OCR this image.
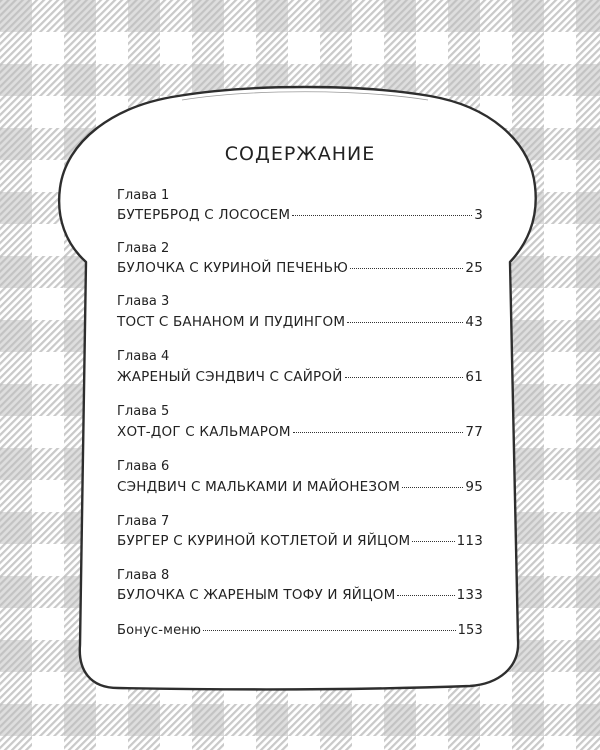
СОДЕРЖАНИЕ
Глава 1
БУТЕРБРОД С ЛОСОСЕМ	3
Глава 2
БУЛОЧКА С КУРИНОЙ ПЕЧЕНЬЮ	25
Глава 3
ТОСТ С БАНАНОМ И ПУДИНГОМ	43
Глава 4
ЖАРЕНЫЙ СЭНДВИЧ С САЙРОЙ	61
Глава 5
ХОТ-ДОГ С КАЛЬМАРОМ	77
Глава 6
СЭНДВИЧ С МАЛЬКАМИ И МАЙОНЕЗОМ	95
Глава 7
БУРГЕР С КУРИНОЙ КОТЛЕТОЙ И ЯЙЦОМ	113
Глава 8
БУЛОЧКА С ЖАРЕНЫМ ТОФУ И ЯЙЦОМ	133
Бонус-меню	153
